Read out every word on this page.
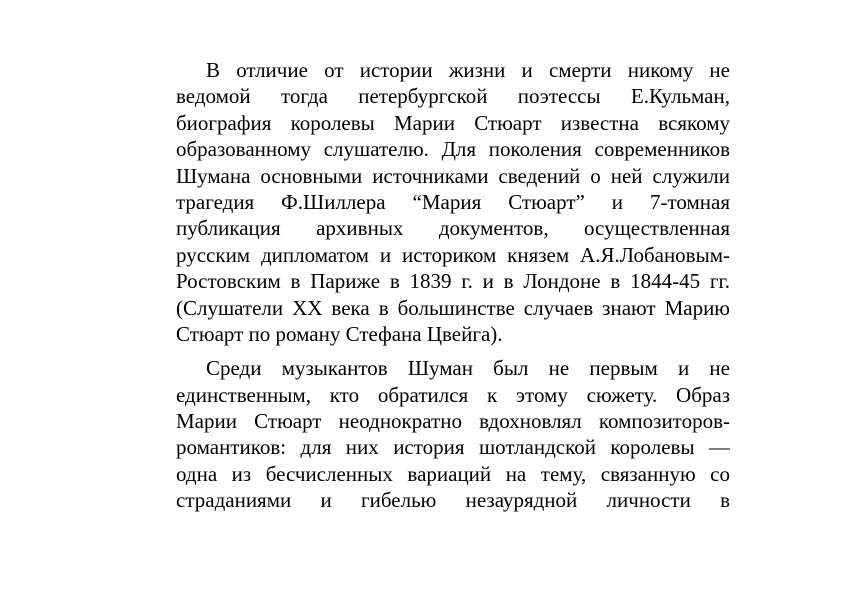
В отличие от истории жизни и смерти никому не
ведомой тогда петербургской поэтессы Е.Кульман,
биография королевы Марии Стюарт известна всякому
образованному слушателю. Для поколения современников
Шумана основными источниками сведений о ней служили
трагедия Ф.Шиллера “Мария Стюарт” и 7-томная
публикация архивных документов, осуществленная
русским дипломатом и историком князем А.Я.Лобановым-
Ростовским в Париже в 1839 г. и в Лондоне в 1844-45 гг.
(Слушатели XX века в большинстве случаев знают Марию
Стюарт по роману Стефана Цвейга).
Среди музыкантов Шуман был не первым и не
единственным, кто обратился к этому сюжету. Образ
Марии Стюарт неоднократно вдохновлял композиторов-
романтиков: для них история шотландской королевы —
одна из бесчисленных вариаций на тему, связанную со
страданиями и гибелью незаурядной личности в
